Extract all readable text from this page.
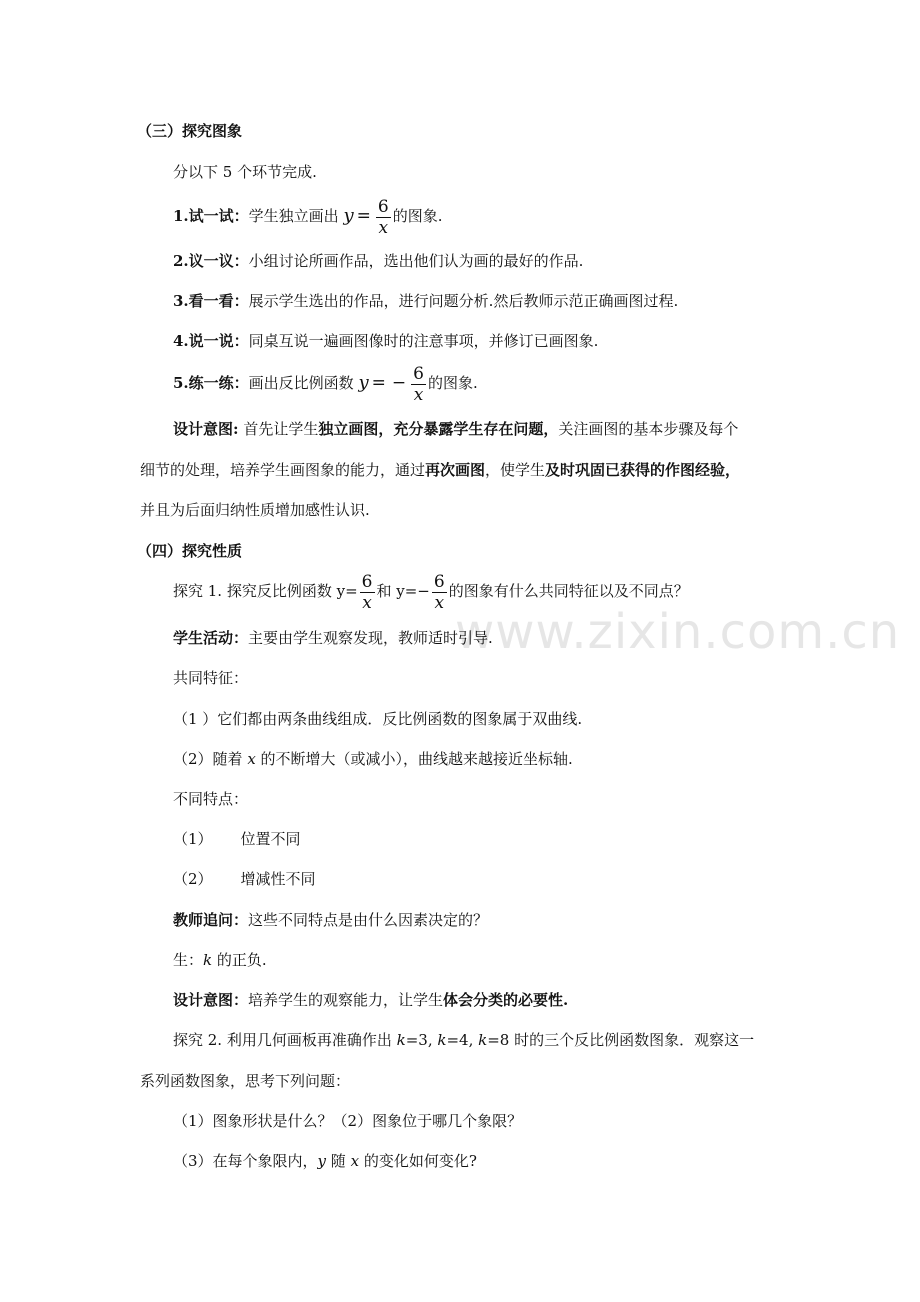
www.zixin.com.cn
（三）探究图象
分以下 5 个环节完成.
1.试一试：学生独立画出 $y = \frac{6}{x}$ 的图象.
2.议一议：小组讨论所画作品，选出他们认为画的最好的作品.
3.看一看：展示学生选出的作品，进行问题分析.然后教师示范正确画图过程.
4.说一说：同桌互说一遍画图像时的注意事项，并修订已画图象.
5.练一练：画出反比例函数 y = − $\frac{6}{x}$ 的图象.
设计意图: 首先让学生独立画图，充分暴露学生存在问题，关注画图的基本步骤及每个
细节的处理，培养学生画图象的能力，通过再次画图，使学生及时巩固已获得的作图经验，
并且为后面归纳性质增加感性认识.
（四）探究性质
探究 1. 探究反比例函数 $y= \frac{6}{x}$ 和 $y=- \frac{6}{x}$ 的图象有什么共同特征以及不同点？
学生活动：主要由学生观察发现，教师适时引导.
共同特征：
（1 ）它们都由两条曲线组成．反比例函数的图象属于双曲线.
（2）随着 x 的不断增大（或减小），曲线越来越接近坐标轴.
不同特点：
（1） 位置不同
（2） 增减性不同
教师追问：这些不同特点是由什么因素决定的？
生：k 的正负.
设计意图：培养学生的观察能力，让学生体会分类的必要性.
探究 2. 利用几何画板再准确作出 k=3, k=4, k=8 时的三个反比例函数图象．观察这一
系列函数图象，思考下列问题：
（1）图象形状是什么？（2）图象位于哪几个象限？
（3）在每个象限内，y 随 x 的变化如何变化?
